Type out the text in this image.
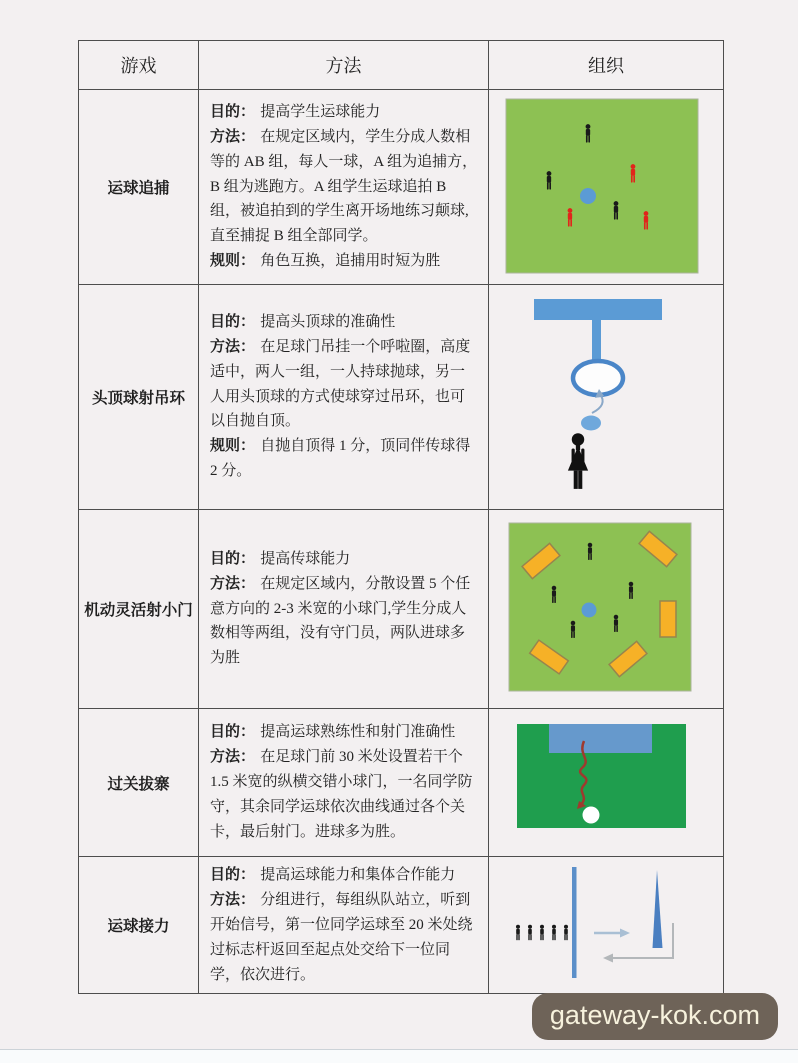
游戏	方法	组织
运球追捕	目的： 提高学生运球能力

方法： 在规定区域内，学生分成人数相等的 AB 组，每人一球，A 组为追捕方，B 组为逃跑方。A 组学生运球追拍 B 组，被追拍到的学生离开场地练习颠球,直至捕捉 B 组全部同学。

规则： 角色互换，追捕用时短为胜

头顶球射吊环	目的： 提高头顶球的准确性

方法： 在足球门吊挂一个呼啦圈，高度适中，两人一组，一人持球抛球，另一人用头顶球的方式使球穿过吊环，也可以自抛自顶。

规则： 自抛自顶得 1 分，顶同伴传球得 2 分。

机动灵活射小门	目的： 提高传球能力

方法： 在规定区域内，分散设置 5 个任意方向的 2-3 米宽的小球门,学生分成人数相等两组，没有守门员，两队进球多为胜

过关拔寨	目的： 提高运球熟练性和射门准确性

方法： 在足球门前 30 米处设置若干个 1.5 米宽的纵横交错小球门，一名同学防守，其余同学运球依次曲线通过各个关卡，最后射门。进球多为胜。

运球接力	目的： 提高运球能力和集体合作能力

方法： 分组进行，每组纵队站立，听到开始信号，第一位同学运球至 20 米处绕过标志杆返回至起点处交给下一位同学，依次进行。

gateway-kok.com
